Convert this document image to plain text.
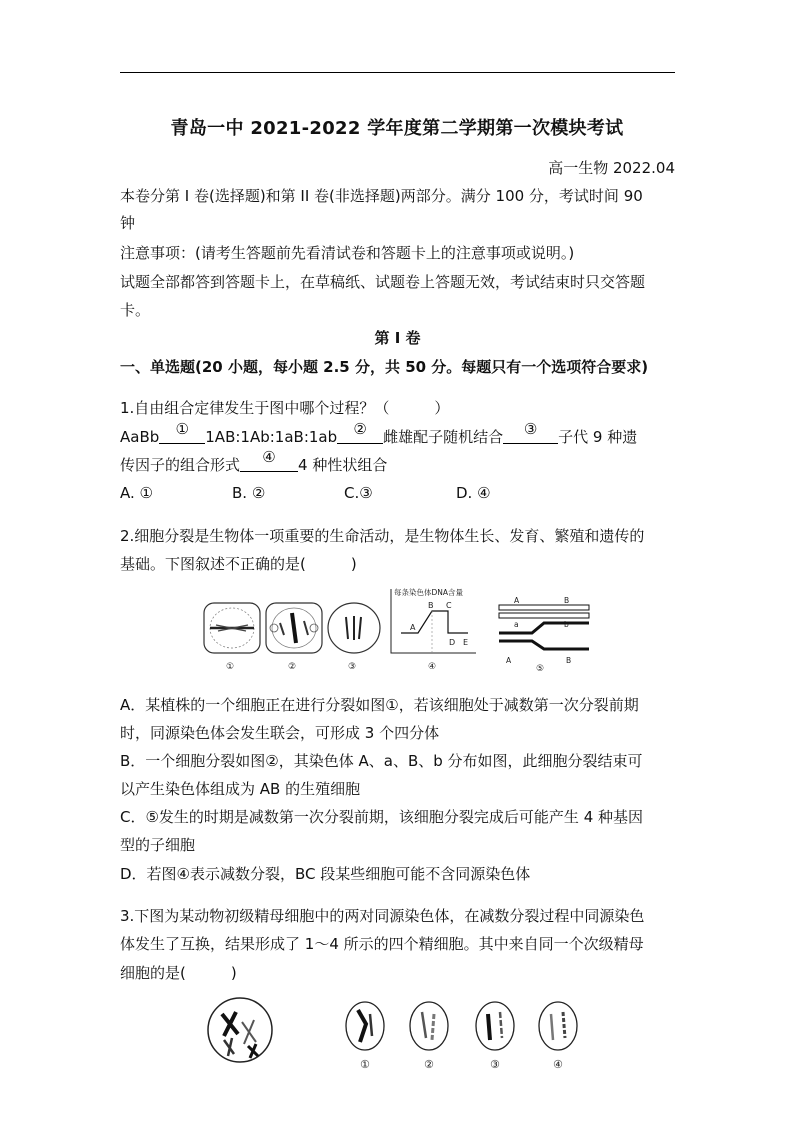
青岛一中 2021-2022 学年度第二学期第一次模块考试
高一生物 2022.04
本卷分第 I 卷(选择题)和第 II 卷(非选择题)两部分。满分 100 分，考试时间 90
钟
注意事项：(请考生答题前先看清试卷和答题卡上的注意事项或说明。)
试题全部都答到答题卡上，在草稿纸、试题卷上答题无效，考试结束时只交答题
卡。
第 I 卷
一、单选题(20 小题，每小题 2.5 分，共 50 分。每题只有一个选项符合要求)
1.自由组合定律发生于图中哪个过程？（　　　）
AaBb	①	1AB:1Ab:1aB:1ab	②	雌雄配子随机结合	③	子代 9 种遗
传因子的组合形式	④	4 种性状组合
A. ①	B. ②	C.③	D. ④
2.细胞分裂是生物体一项重要的生命活动，是生物体生长、发育、繁殖和遗传的
基础。下图叙述不正确的是(　　　)
每条染色体DNA含量
A
B C
D E
A	B
a	b
A	B
①	②	③	④	⑤
A．某植株的一个细胞正在进行分裂如图①，若该细胞处于减数第一次分裂前期
时，同源染色体会发生联会，可形成 3 个四分体
B．一个细胞分裂如图②，其染色体 A、a、B、b 分布如图，此细胞分裂结束可
以产生染色体组成为 AB 的生殖细胞
C．⑤发生的时期是减数第一次分裂前期，该细胞分裂完成后可能产生 4 种基因
型的子细胞
D．若图④表示减数分裂，BC 段某些细胞可能不含同源染色体
3.下图为某动物初级精母细胞中的两对同源染色体，在减数分裂过程中同源染色
体发生了互换，结果形成了 1～4 所示的四个精细胞。其中来自同一个次级精母
细胞的是(　　　)
①	②	③	④
